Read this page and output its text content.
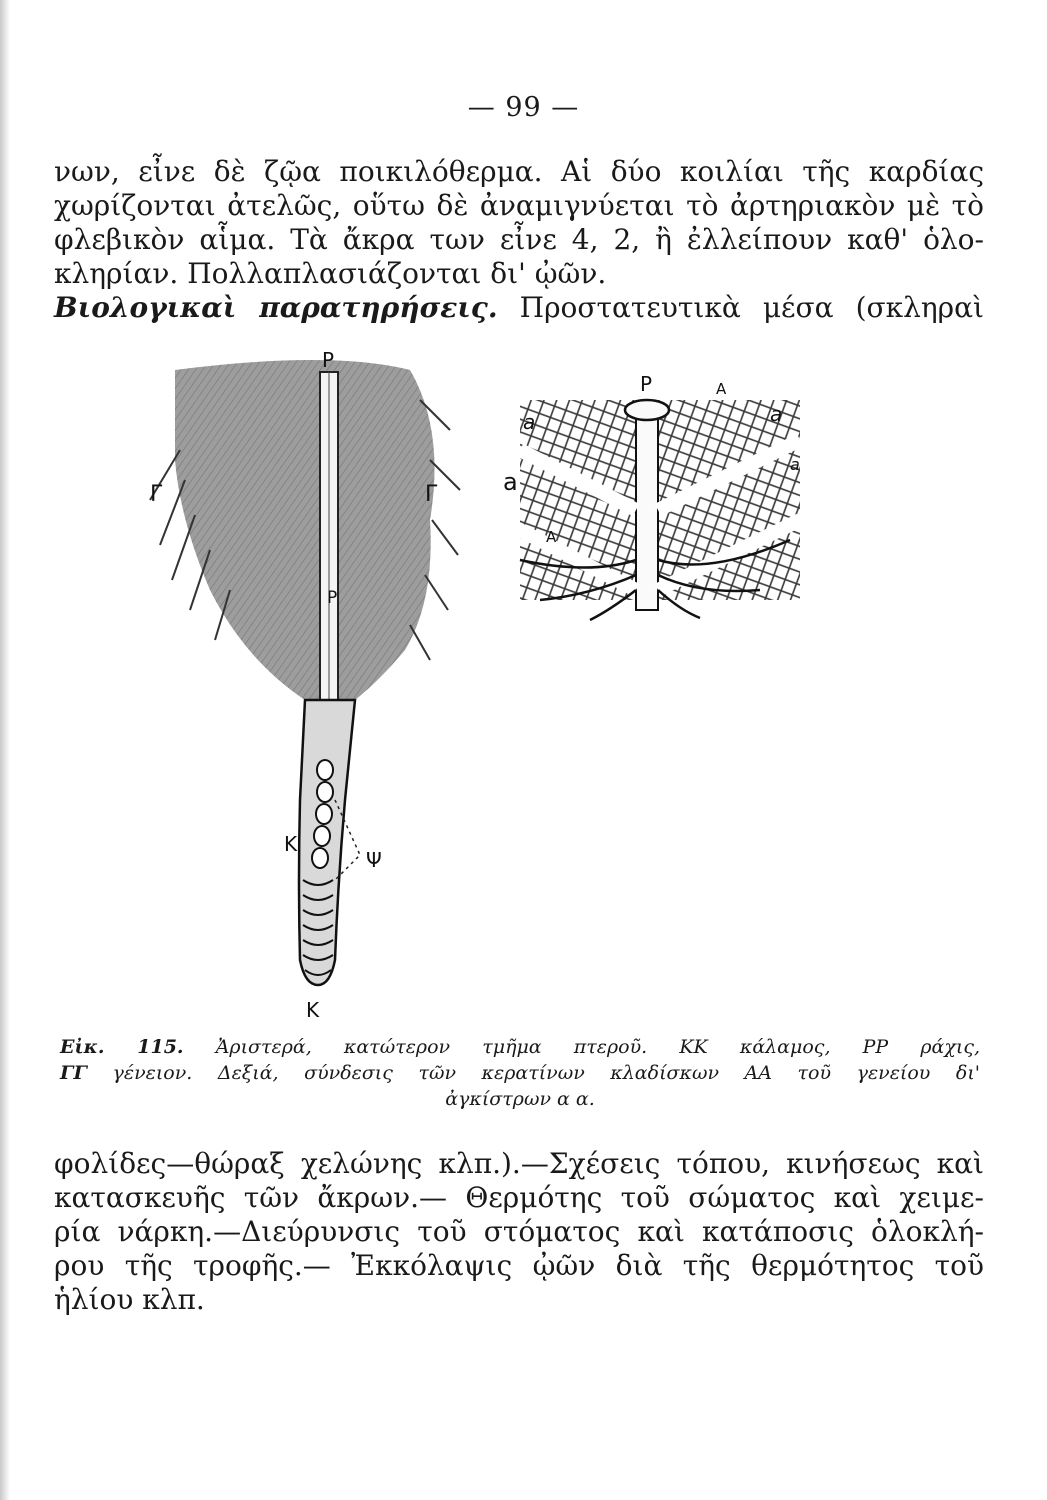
— 99 —
νων, εἶνε δὲ ζῷα ποικιλόθερμα. Αἱ δύο κοιλίαι τῆς καρδίας
χωρίζονται ἀτελῶς, οὕτω δὲ ἀναμιγνύεται τὸ ἀρτηριακὸν μὲ τὸ
φλεβικὸν αἷμα. Τὰ ἄκρα των εἶνε 4, 2, ἢ ἐλλείπουν καθ' ὁλο-
κληρίαν. Πολλαπλασιάζονται δι' ᾠῶν.
Βιολογικαὶ παρατηρήσεις. Προστατευτικὰ μέσα (σκληραὶ
P
Γ	Γ
P
K
Ψ
K
P	A
A
a	a
a
a
Εἰκ. 115. Ἀριστερά, κατώτερον τμῆμα πτεροῦ. ΚΚ κάλαμος, ΡΡ ράχις,
ΓΓ γένειον. Δεξιά, σύνδεσις τῶν κερατίνων κλαδίσκων ΑΑ τοῦ γενείου δι'
ἀγκίστρων α α.
φολίδες—θώραξ χελώνης κλπ.).—Σχέσεις τόπου, κινήσεως καὶ
κατασκευῆς τῶν ἄκρων.— Θερμότης τοῦ σώματος καὶ χειμε-
ρία νάρκη.—Διεύρυνσις τοῦ στόματος καὶ κατάποσις ὁλοκλή-
ρου τῆς τροφῆς.— Ἐκκόλαψις ᾠῶν διὰ τῆς θερμότητος τοῦ
ἡλίου κλπ.
